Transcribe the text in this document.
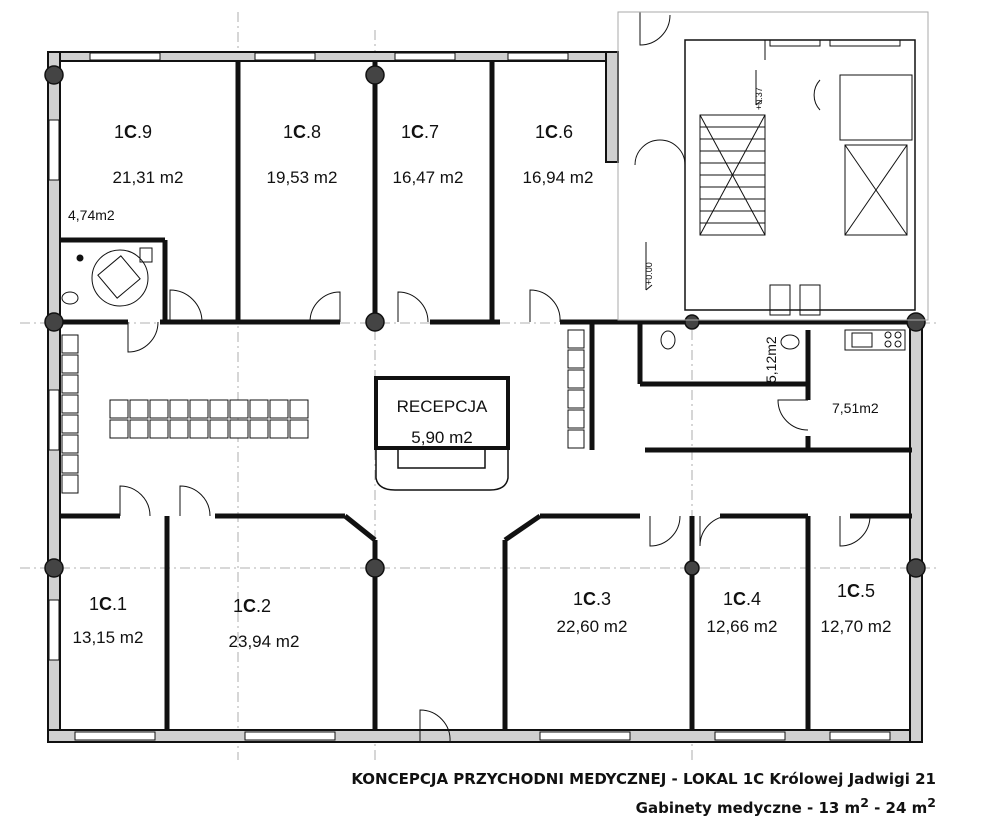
1C.9
21,31 m2
1C.8
19,53 m2
1C.7
16,47 m2
1C.6
16,94 m2
1C.1
13,15 m2
1C.2
23,94 m2
1C.3
22,60 m2
1C.4
12,66 m2
1C.5
12,70 m2
RECEPCJA
5,90 m2
4,74m2
7,51m2
5,12m2
+0.00
+0.37
KONCEPCJA PRZYCHODNI MEDYCZNEJ - LOKAL 1C Królowej Jadwigi 21
Gabinety medyczne - 13 $m^2 - 24$ $m^2$
